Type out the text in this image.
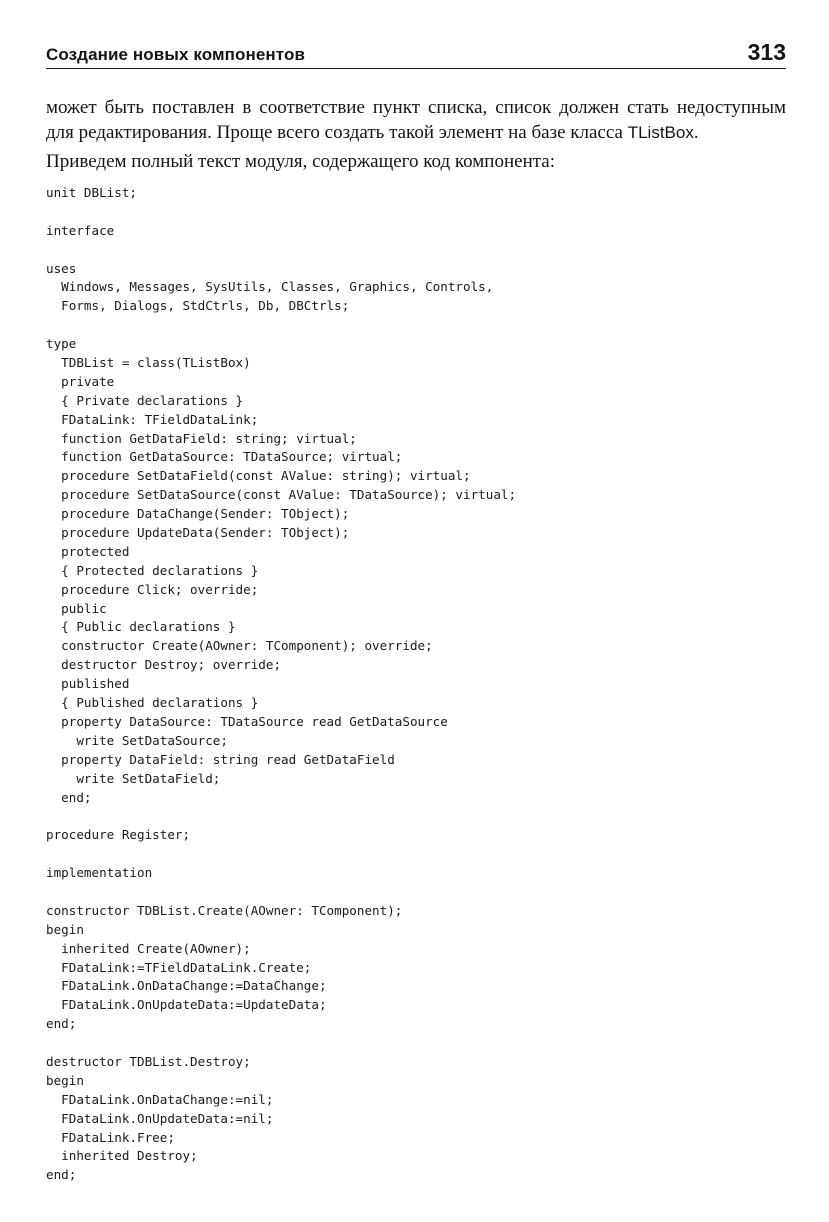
Создание новых компонентов	313

может быть поставлен в соответствие пункт списка, список должен стать недоступным для редактирования. Проще всего создать такой элемент на базе класса TListBox.

Приведем полный текст модуля, содержащего код компонента:

unit DBList;
interface
uses
Windows, Messages, SysUtils, Classes, Graphics, Controls,
Forms, Dialogs, StdCtrls, Db, DBCtrls;
type
TDBList = class(TListBox)
private
{ Private declarations }
FDataLink: TFieldDataLink;
function GetDataField: string; virtual;
function GetDataSource: TDataSource; virtual;
procedure SetDataField(const AValue: string); virtual;
procedure SetDataSource(const AValue: TDataSource); virtual;
procedure DataChange(Sender: TObject);
procedure UpdateData(Sender: TObject);
protected
{ Protected declarations }
procedure Click; override;
public
{ Public declarations }
constructor Create(AOwner: TComponent); override;
destructor Destroy; override;
published
{ Published declarations }
property DataSource: TDataSource read GetDataSource
write SetDataSource;
property DataField: string read GetDataField
write SetDataField;
end;
procedure Register;
implementation
constructor TDBList.Create(AOwner: TComponent);
begin
inherited Create(AOwner);
FDataLink:=TFieldDataLink.Create;
FDataLink.OnDataChange:=DataChange;
FDataLink.OnUpdateData:=UpdateData;
end;
destructor TDBList.Destroy;
begin
FDataLink.OnDataChange:=nil;
FDataLink.OnUpdateData:=nil;
FDataLink.Free;
inherited Destroy;
end;
